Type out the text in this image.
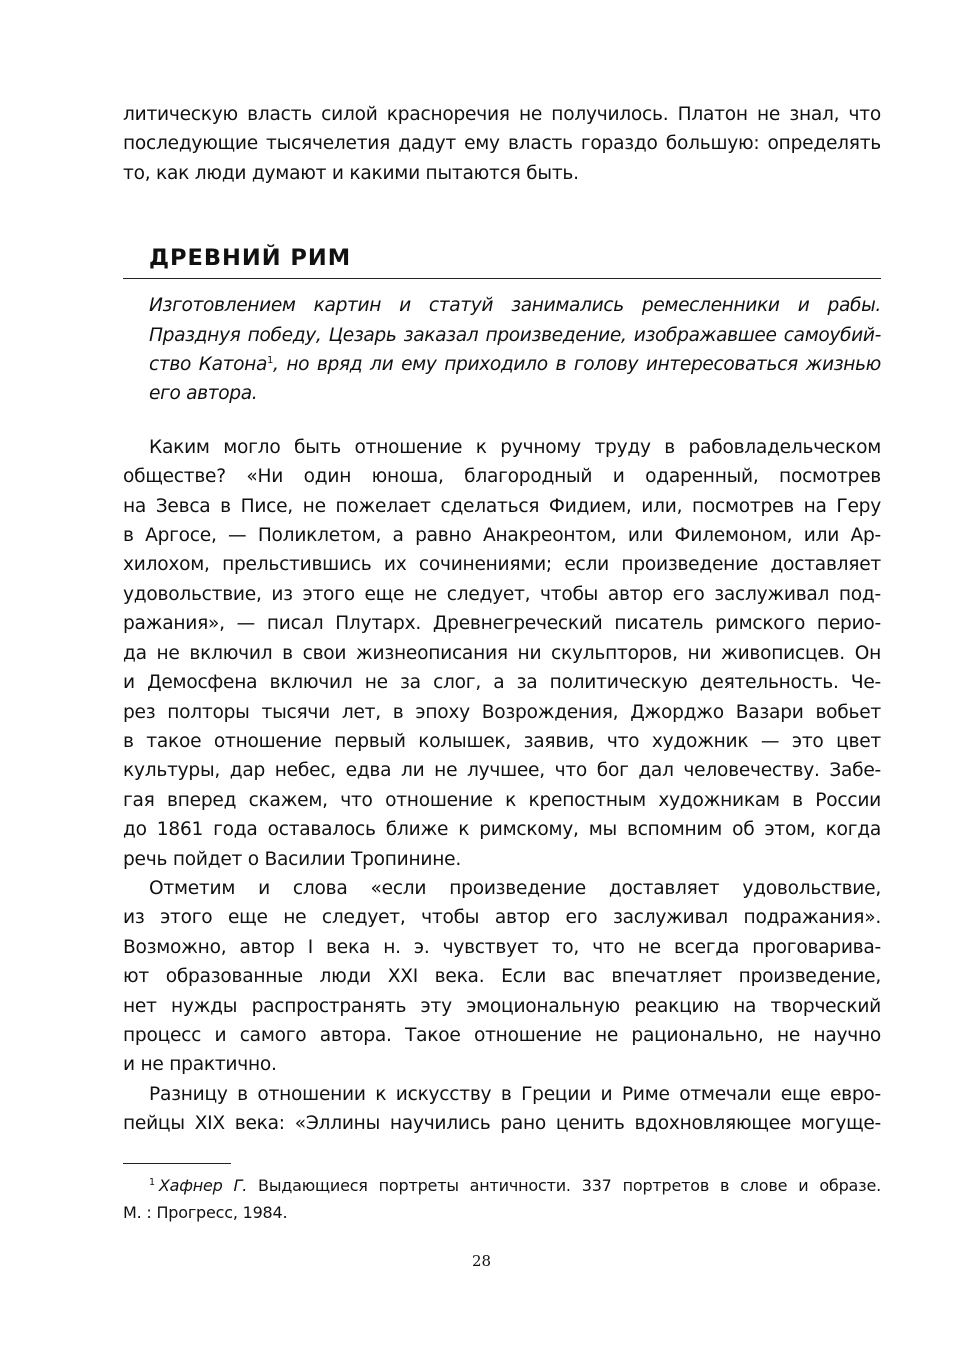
литическую власть силой красноречия не получилось. Платон не знал, что
последующие тысячелетия дадут ему власть гораздо большую: определять
то, как люди думают и какими пытаются быть.
ДРЕВНИЙ РИМ
Изготовлением картин и статуй занимались ремесленники и рабы.
Празднуя победу, Цезарь заказал произведение, изображавшее самоубий-
ство Катона$^1$, но вряд ли ему приходило в голову интересоваться жизнью
его автора.
Каким могло быть отношение к ручному труду в рабовладельческом
обществе? «Ни один юноша, благородный и одаренный, посмотрев
на Зевса в Писе, не пожелает сделаться Фидием, или, посмотрев на Геру
в Аргосе, — Поликлетом, а равно Анакреонтом, или Филемоном, или Ар-
хилохом, прельстившись их сочинениями; если произведение доставляет
удовольствие, из этого еще не следует, чтобы автор его заслуживал под-
ражания», — писал Плутарх. Древнегреческий писатель римского перио-
да не включил в свои жизнеописания ни скульпторов, ни живописцев. Он
и Демосфена включил не за слог, а за политическую деятельность. Че-
рез полторы тысячи лет, в эпоху Возрождения, Джорджо Вазари вобьет
в такое отношение первый колышек, заявив, что художник — это цвет
культуры, дар небес, едва ли не лучшее, что бог дал человечеству. Забе-
гая вперед скажем, что отношение к крепостным художникам в России
до 1861 года оставалось ближе к римскому, мы вспомним об этом, когда
речь пойдет о Василии Тропинине.
Отметим и слова «если произведение доставляет удовольствие,
из этого еще не следует, чтобы автор его заслуживал подражания».
Возможно, автор I века н. э. чувствует то, что не всегда проговарива-
ют образованные люди XXI века. Если вас впечатляет произведение,
нет нужды распространять эту эмоциональную реакцию на творческий
процесс и самого автора. Такое отношение не рационально, не научно
и не практично.
Разницу в отношении к искусству в Греции и Риме отмечали еще евро-
пейцы XIX века: «Эллины научились рано ценить вдохновляющее могуще-
$^1$ Хафнер Г. Выдающиеся портреты античности. 337 портретов в слове и образе.
М. : Прогресс, 1984.
28
